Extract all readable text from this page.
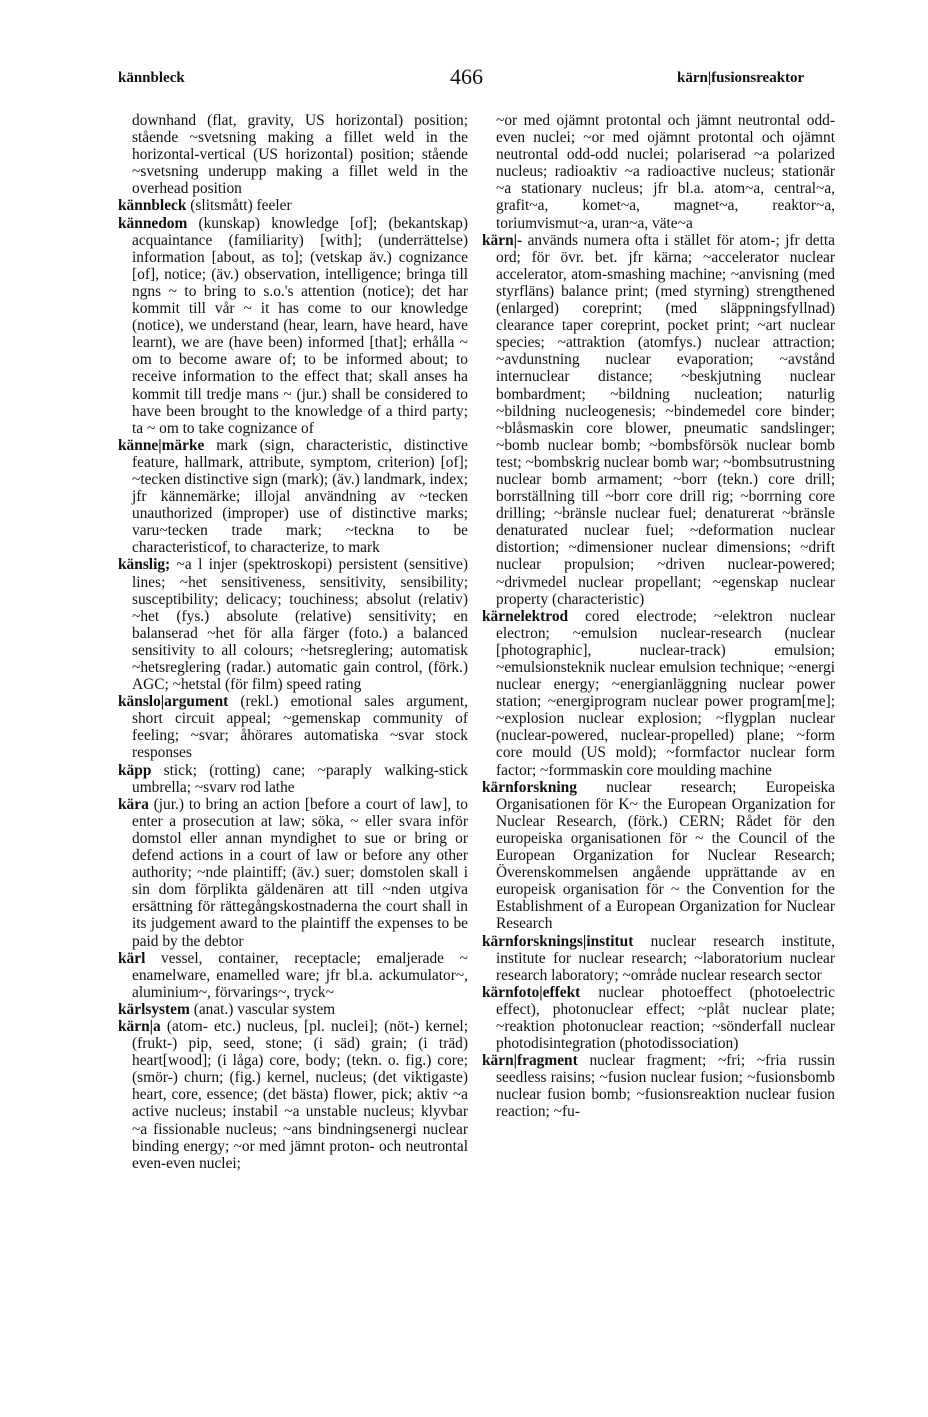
kännbleck	466	kärn|fusionsreaktor

downhand (flat, gravity, US horizontal) position; stående ~svetsning making a fillet weld in the horizontal-vertical (US horizontal) position; stående ~svetsning underupp making a fillet weld in the overhead position

kännbleck (slitsmått) feeler

kännedom (kunskap) knowledge [of]; (bekantskap) acquaintance (familiarity) [with]; (underrättelse) information [about, as to]; (vetskap äv.) cognizance [of], notice; (äv.) observation, intelligence; bringa till ngns ~ to bring to s.o.'s attention (notice); det har kommit till vår ~ it has come to our knowledge (notice), we understand (hear, learn, have heard, have learnt), we are (have been) informed [that]; erhålla ~ om to become aware of; to be informed about; to receive information to the effect that; skall anses ha kommit till tredje mans ~ (jur.) shall be considered to have been brought to the knowledge of a third party; ta ~ om to take cognizance of

känne|märke mark (sign, characteristic, distinctive feature, hallmark, attribute, symptom, criterion) [of]; ~tecken distinctive sign (mark); (äv.) landmark, index; jfr kännemärke; illojal användning av ~tecken unauthorized (improper) use of distinctive marks; varu~tecken trade mark; ~teckna to be characteristicof, to characterize, to mark

känslig; ~a l injer (spektroskopi) persistent (sensitive) lines; ~het sensitiveness, sensitivity, sensibility; susceptibility; delicacy; touchiness; absolut (relativ) ~het (fys.) absolute (relative) sensitivity; en balanserad ~het för alla färger (foto.) a balanced sensitivity to all colours; ~hetsreglering; automatisk ~hetsreglering (radar.) automatic gain control, (förk.) AGC; ~hetstal (för film) speed rating

känslo|argument (rekl.) emotional sales argument, short circuit appeal; ~gemenskap community of feeling; ~svar; åhörares automatiska ~svar stock responses

käpp stick; (rotting) cane; ~paraply walking-stick umbrella; ~svarv rod lathe

kära (jur.) to bring an action [before a court of law], to enter a prosecution at law; söka, ~ eller svara inför domstol eller annan myndighet to sue or bring or defend actions in a court of law or before any other authority; ~nde plaintiff; (äv.) suer; domstolen skall i sin dom förplikta gäldenären att till ~nden utgiva ersättning för rättegångskostnaderna the court shall in its judgement award to the plaintiff the expenses to be paid by the debtor

kärl vessel, container, receptacle; emaljerade ~ enamelware, enamelled ware; jfr bl.a. ackumulator~, aluminium~, förvarings~, tryck~

kärlsystem (anat.) vascular system

kärn|a (atom- etc.) nucleus, [pl. nuclei]; (nöt-) kernel; (frukt-) pip, seed, stone; (i säd) grain; (i träd) heart[wood]; (i låga) core, body; (tekn. o. fig.) core; (smör-) churn; (fig.) kernel, nucleus; (det viktigaste) heart, core, essence; (det bästa) flower, pick; aktiv ~a active nucleus; instabil ~a unstable nucleus; klyvbar ~a fissionable nucleus; ~ans bindningsenergi nuclear binding energy; ~or med jämnt proton- och neutrontal even-even nuclei;

~or med ojämnt protontal och jämnt neutrontal odd-even nuclei; ~or med ojämnt protontal och ojämnt neutrontal odd-odd nuclei; polariserad ~a polarized nucleus; radioaktiv ~a radioactive nucleus; stationär ~a stationary nucleus; jfr bl.a. atom~a, central~a, grafit~a, komet~a, magnet~a, reaktor~a, toriumvismut~a, uran~a, väte~a

kärn|- används numera ofta i stället för atom-; jfr detta ord; för övr. bet. jfr kärna; ~accelerator nuclear accelerator, atom-smashing machine; ~anvisning (med styrfläns) balance print; (med styrning) strengthened (enlarged) coreprint; (med släppningsfyllnad) clearance taper coreprint, pocket print; ~art nuclear species; ~attraktion (atomfys.) nuclear attraction; ~avdunstning nuclear evaporation; ~avstånd internuclear distance; ~beskjutning nuclear bombardment; ~bildning nucleation; naturlig ~bildning nucleogenesis; ~bindemedel core binder; ~blåsmaskin core blower, pneumatic sandslinger; ~bomb nuclear bomb; ~bombsförsök nuclear bomb test; ~bombskrig nuclear bomb war; ~bombsutrustning nuclear bomb armament; ~borr (tekn.) core drill; borrställning till ~borr core drill rig; ~borrning core drilling; ~bränsle nuclear fuel; denaturerat ~bränsle denaturated nuclear fuel; ~deformation nuclear distortion; ~dimensioner nuclear dimensions; ~drift nuclear propulsion; ~driven nuclear-powered; ~drivmedel nuclear propellant; ~egenskap nuclear property (characteristic)

kärnelektrod cored electrode; ~elektron nuclear electron; ~emulsion nuclear-research (nuclear [photographic], nuclear-track) emulsion; ~emulsionsteknik nuclear emulsion technique; ~energi nuclear energy; ~energianläggning nuclear power station; ~energiprogram nuclear power program[me]; ~explosion nuclear explosion; ~flygplan nuclear (nuclear-powered, nuclear-propelled) plane; ~form core mould (US mold); ~formfactor nuclear form factor; ~formmaskin core moulding machine

kärnforskning nuclear research; Europeiska Organisationen för K~ the European Organization for Nuclear Research, (förk.) CERN; Rådet för den europeiska organisationen för ~ the Council of the European Organization for Nuclear Research; Överenskommelsen angående upprättande av en europeisk organisation för ~ the Convention for the Establishment of a European Organization for Nuclear Research

kärnforsknings|institut nuclear research institute, institute for nuclear research; ~laboratorium nuclear research laboratory; ~område nuclear research sector

kärnfoto|effekt nuclear photoeffect (photoelectric effect), photonuclear effect; ~plåt nuclear plate; ~reaktion photonuclear reaction; ~sönderfall nuclear photodisintegration (photodissociation)

kärn|fragment nuclear fragment; ~fri; ~fria russin seedless raisins; ~fusion nuclear fusion; ~fusionsbomb nuclear fusion bomb; ~fusionsreaktion nuclear fusion reaction; ~fu-
